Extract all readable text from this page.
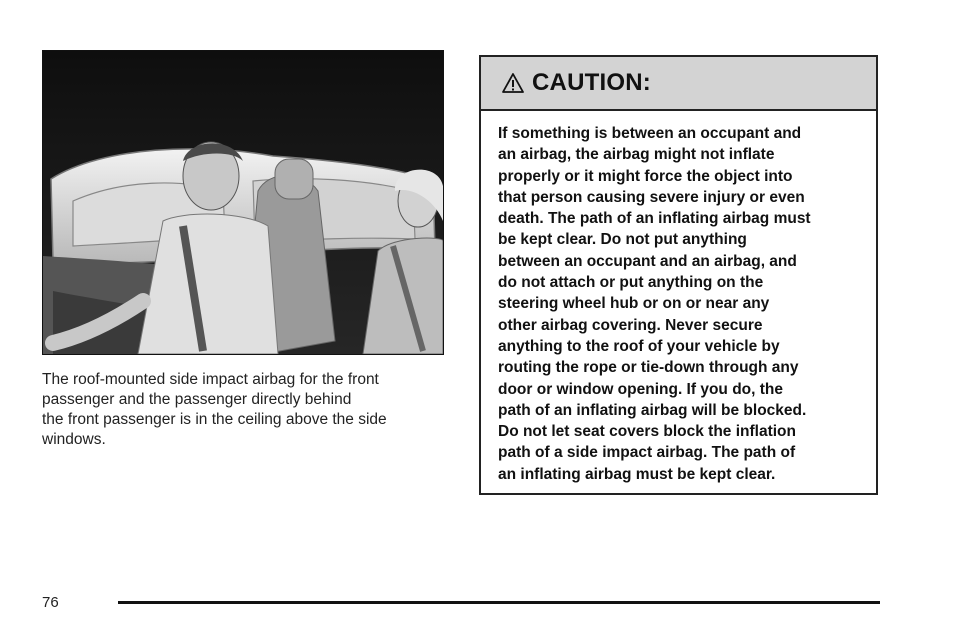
The roof-mounted side impact airbag for the front

passenger and the passenger directly behind

the front passenger is in the ceiling above the side

windows.

CAUTION:
If something is between an occupant and
an airbag, the airbag might not inflate
properly or it might force the object into
that person causing severe injury or even
death. The path of an inflating airbag must
be kept clear. Do not put anything
between an occupant and an airbag, and
do not attach or put anything on the
steering wheel hub or on or near any
other airbag covering. Never secure
anything to the roof of your vehicle by
routing the rope or tie-down through any
door or window opening. If you do, the
path of an inflating airbag will be blocked.
Do not let seat covers block the inflation
path of a side impact airbag. The path of
an inflating airbag must be kept clear.
76
